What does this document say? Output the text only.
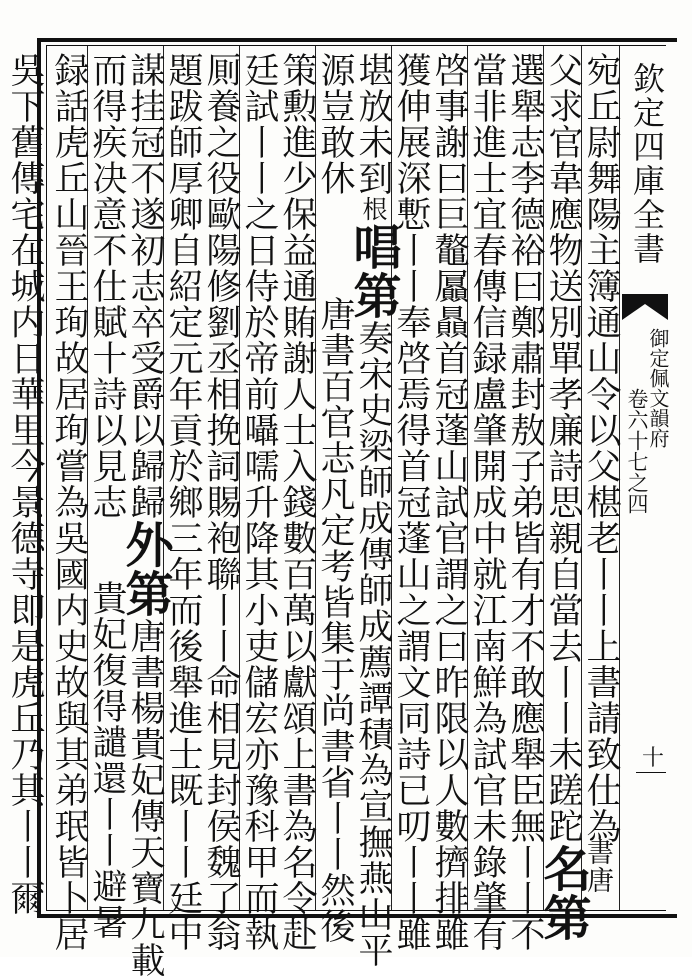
欽定四庫全書
御定佩文韻府
卷六十七之四
十
宛丘尉舞陽主簿通山令以父椹老丨丨上書請致仕為
父求官韋應物送別單孝廉詩思親自當去丨丨未蹉跎名第
選舉志李德裕曰鄭肅封敖子弟皆有才不敢應舉臣無丨丨不
當非進士宜春傳信録盧肇開成中就江南鮮為試官未錄肇有
啓事謝曰巨鼇屭贔首冠蓬山試官謂之曰昨限以人數擠排雖
獲伸展深慙丨丨奉啓焉得首冠蓬山之謂文同詩已叨丨丨雖
堪放未到根唱第奏宋史梁師成傳師成薦譚積為宣撫燕山平
源豈敢休唐書百官志凡定考皆集于尚書省丨丨然後
策勲進少保益通賄謝人士入錢數百萬以獻頌上書為名令赴
廷試丨丨之日侍於帝前囁嚅升降其小吏儲宏亦豫科甲而執
厠養之役歐陽修劉丞相挽詞賜袍聯丨丨命相見封侯魏了翁
題跋師厚卿自紹定元年貢於鄉三年而後舉進士既丨丨廷中
謀挂冠不遂初志卒受爵以歸歸外第唐書楊貴妃傳天寶九載
而得疾决意不仕賦十詩以見志貴妃復得譴還丨丨避暑
録話虎丘山晉王珣故居珣嘗為吳國内史故與其弟珉皆卜居
吳下舊傳宅在城内日華里今景德寺即是虎丘乃其丨丨爾	書唐
